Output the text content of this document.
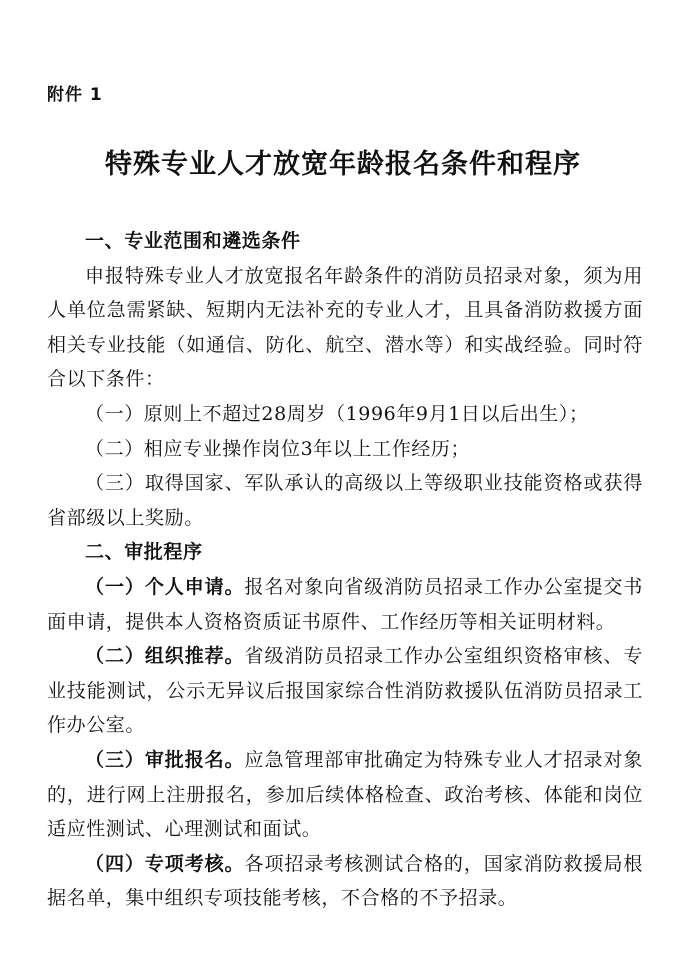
附件 1
特殊专业人才放宽年龄报名条件和程序

一、专业范围和遴选条件

申报特殊专业人才放宽报名年龄条件的消防员招录对象，须为用人单位急需紧缺、短期内无法补充的专业人才，且具备消防救援方面相关专业技能（如通信、防化、航空、潜水等）和实战经验。同时符合以下条件：

（一）原则上不超过28周岁（1996年9月1日以后出生）；

（二）相应专业操作岗位3年以上工作经历；

（三）取得国家、军队承认的高级以上等级职业技能资格或获得省部级以上奖励。

二、审批程序

（一）个人申请。报名对象向省级消防员招录工作办公室提交书面申请，提供本人资格资质证书原件、工作经历等相关证明材料。

（二）组织推荐。省级消防员招录工作办公室组织资格审核、专业技能测试，公示无异议后报国家综合性消防救援队伍消防员招录工作办公室。

（三）审批报名。应急管理部审批确定为特殊专业人才招录对象的，进行网上注册报名，参加后续体格检查、政治考核、体能和岗位适应性测试、心理测试和面试。

（四）专项考核。各项招录考核测试合格的，国家消防救援局根据名单，集中组织专项技能考核，不合格的不予招录。
